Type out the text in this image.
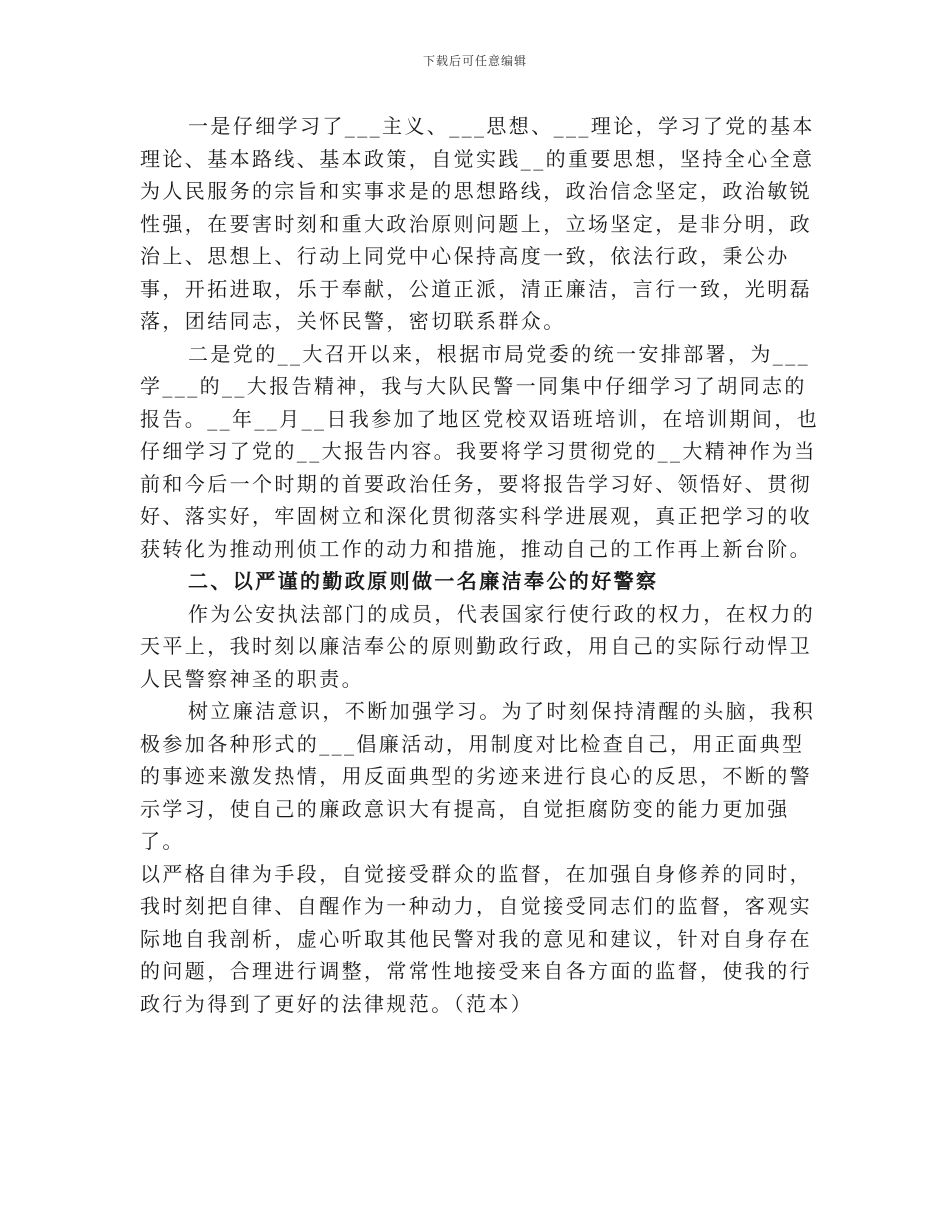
下载后可任意编辑

一是仔细学习了___主义、___思想、___理论，学习了党的基本理论、基本路线、基本政策，自觉实践__的重要思想，坚持全心全意为人民服务的宗旨和实事求是的思想路线，政治信念坚定，政治敏锐性强，在要害时刻和重大政治原则问题上，立场坚定，是非分明，政治上、思想上、行动上同党中心保持高度一致，依法行政，秉公办事，开拓进取，乐于奉献，公道正派，清正廉洁，言行一致，光明磊落，团结同志，关怀民警，密切联系群众。

二是党的__大召开以来，根据市局党委的统一安排部署，为___学___的__大报告精神，我与大队民警一同集中仔细学习了胡同志的报告。__年__月__日我参加了地区党校双语班培训，在培训期间，也仔细学习了党的__大报告内容。我要将学习贯彻党的__大精神作为当前和今后一个时期的首要政治任务，要将报告学习好、领悟好、贯彻好、落实好，牢固树立和深化贯彻落实科学进展观，真正把学习的收获转化为推动刑侦工作的动力和措施，推动自己的工作再上新台阶。

二、以严谨的勤政原则做一名廉洁奉公的好警察

作为公安执法部门的成员，代表国家行使行政的权力，在权力的天平上，我时刻以廉洁奉公的原则勤政行政，用自己的实际行动悍卫人民警察神圣的职责。

树立廉洁意识，不断加强学习。为了时刻保持清醒的头脑，我积极参加各种形式的___倡廉活动，用制度对比检查自己，用正面典型的事迹来激发热情，用反面典型的劣迹来进行良心的反思，不断的警示学习，使自己的廉政意识大有提高，自觉拒腐防变的能力更加强了。

以严格自律为手段，自觉接受群众的监督，在加强自身修养的同时，我时刻把自律、自醒作为一种动力，自觉接受同志们的监督，客观实际地自我剖析，虚心听取其他民警对我的意见和建议，针对自身存在的问题，合理进行调整，常常性地接受来自各方面的监督，使我的行政行为得到了更好的法律规范。（范本）
